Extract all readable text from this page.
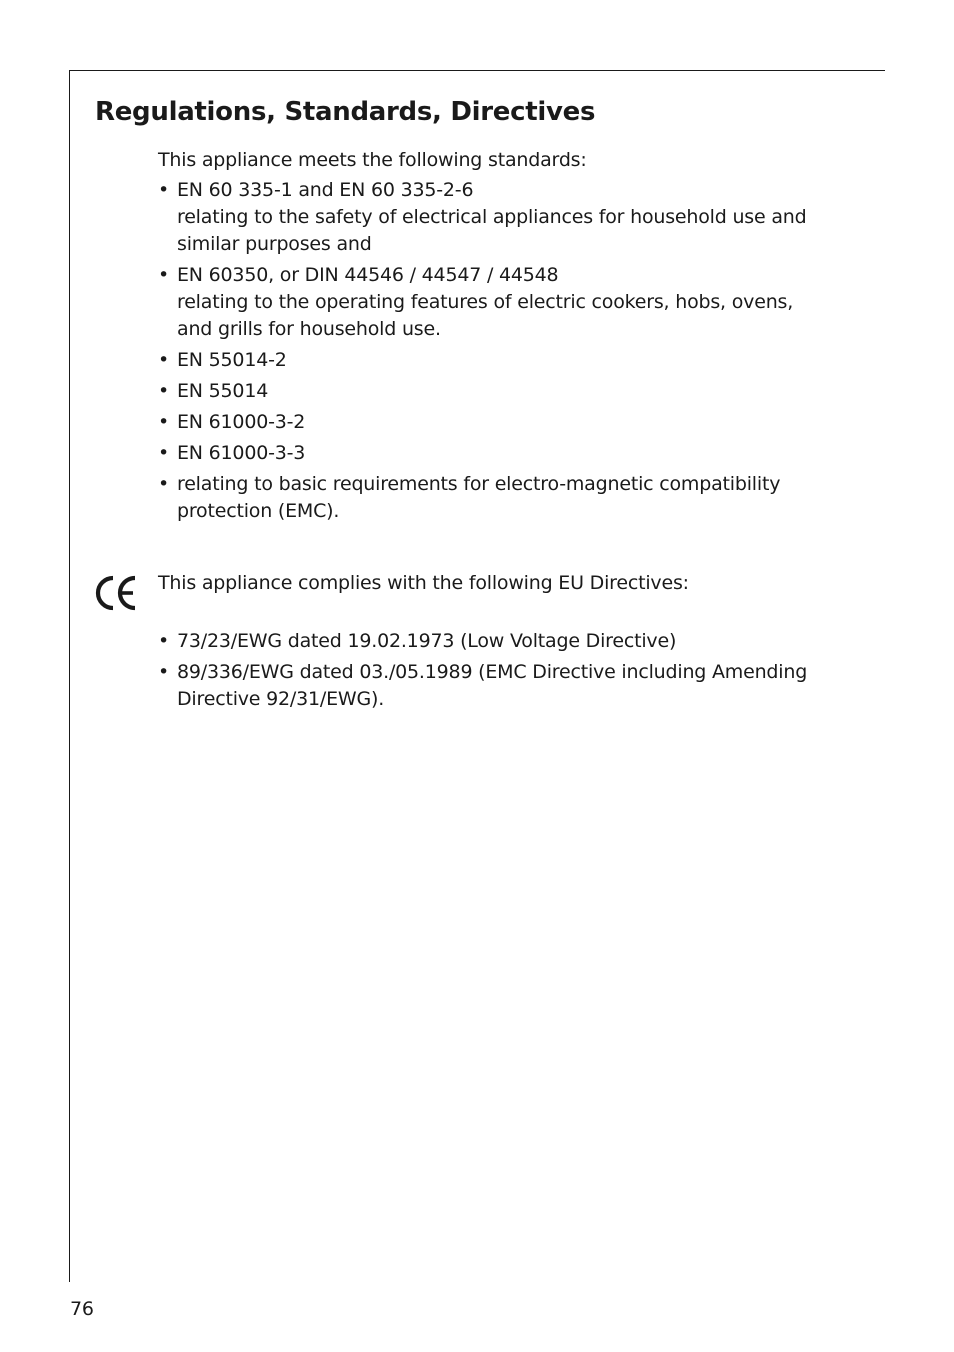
Regulations, Standards, Directives
This appliance meets the following standards:
• EN 60 335-1 and EN 60 335-2-6
relating to the safety of electrical appliances for household use and
similar purposes and
• EN 60350, or DIN 44546 / 44547 / 44548
relating to the operating features of electric cookers, hobs, ovens,
and grills for household use.
• EN 55014-2
• EN 55014
• EN 61000-3-2
• EN 61000-3-3
• relating to basic requirements for electro-magnetic compatibility
protection (EMC).
This appliance complies with the following EU Directives:
• 73/23/EWG dated 19.02.1973 (Low Voltage Directive)
• 89/336/EWG dated 03./05.1989 (EMC Directive including Amending
Directive 92/31/EWG).
76
